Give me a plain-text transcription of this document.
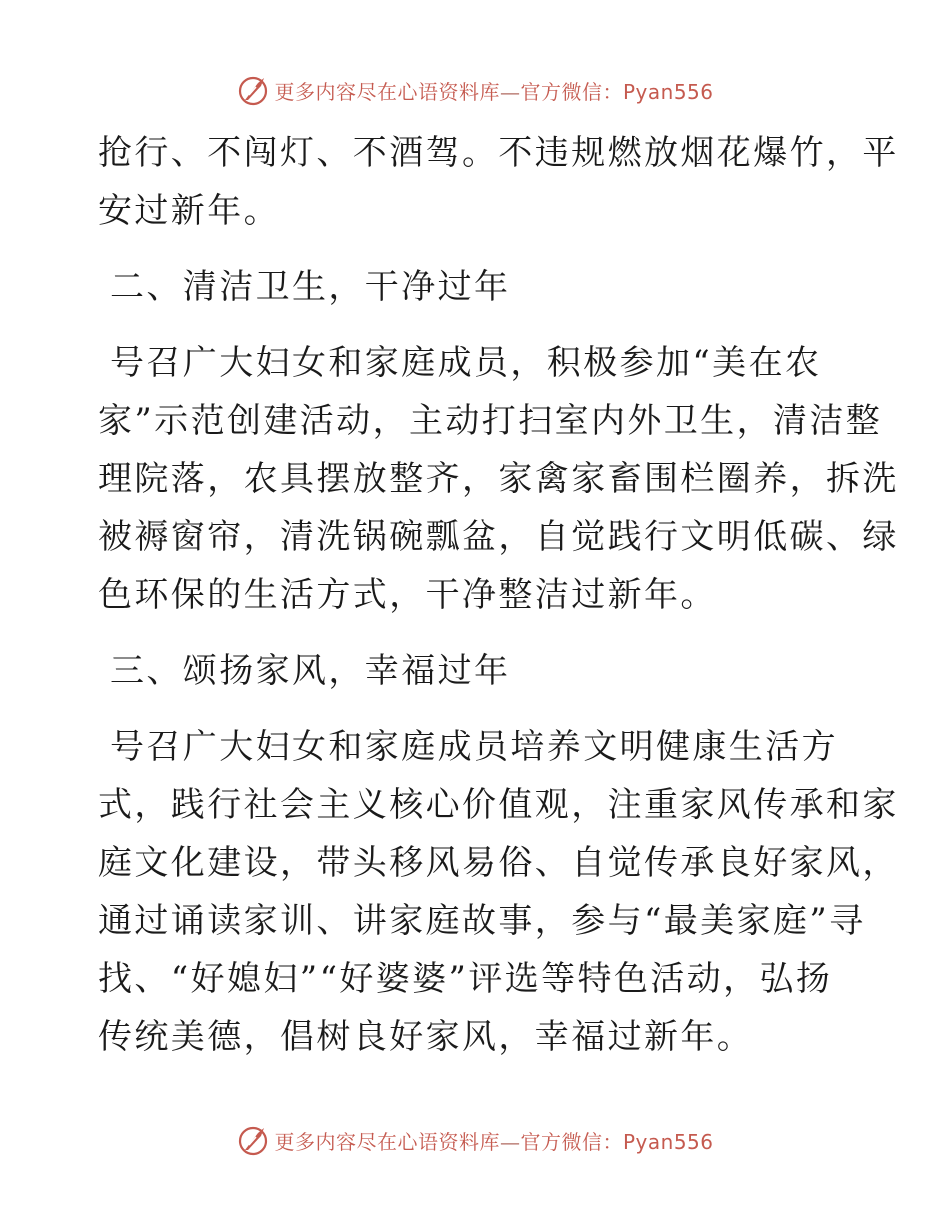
更多内容尽在心语资料库—官方微信：Pyan556
抢行、不闯灯、不酒驾。不违规燃放烟花爆竹，平
安过新年。
二、清洁卫生，干净过年
号召广大妇女和家庭成员，积极参加“美在农
家”示范创建活动，主动打扫室内外卫生，清洁整
理院落，农具摆放整齐，家禽家畜围栏圈养，拆洗
被褥窗帘，清洗锅碗瓢盆，自觉践行文明低碳、绿
色环保的生活方式，干净整洁过新年。
三、颂扬家风，幸福过年
号召广大妇女和家庭成员培养文明健康生活方
式，践行社会主义核心价值观，注重家风传承和家
庭文化建设，带头移风易俗、自觉传承良好家风，
通过诵读家训、讲家庭故事，参与“最美家庭”寻
找、“好媳妇”“好婆婆”评选等特色活动，弘扬
传统美德，倡树良好家风，幸福过新年。
更多内容尽在心语资料库—官方微信：Pyan556
